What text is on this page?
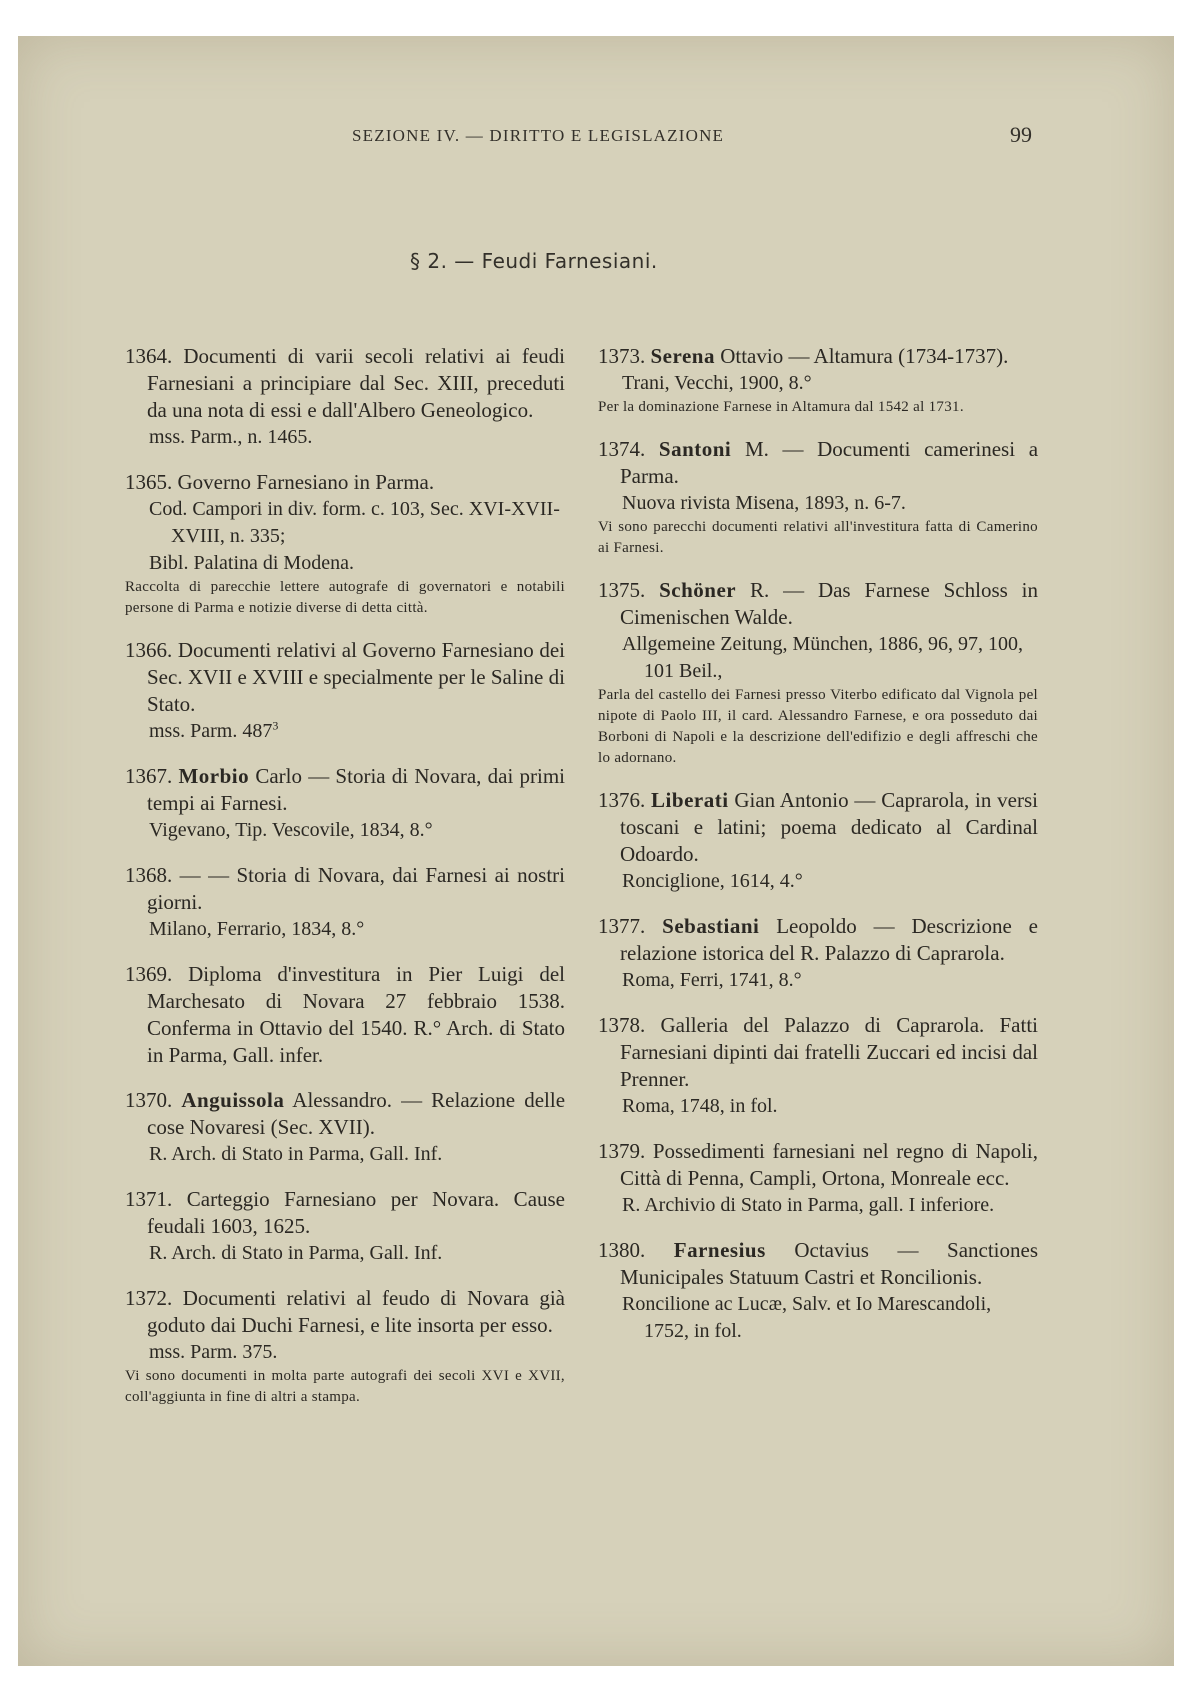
SEZIONE IV. — DIRITTO E LEGISLAZIONE	99
§ 2. — Feudi Farnesiani.

1364. Documenti di varii secoli relativi ai feudi Farnesiani a principiare dal Sec. XIII, preceduti da una nota di essi e dall'Albero Geneologico.

mss. Parm., n. 1465.

1365. Governo Farnesiano in Parma.

Cod. Campori in div. form. c. 103, Sec. XVI-XVII-XVIII, n. 335;

Bibl. Palatina di Modena.

Raccolta di parecchie lettere autografe di governatori e notabili persone di Parma e notizie diverse di detta città.

1366. Documenti relativi al Governo Farnesiano dei Sec. XVII e XVIII e specialmente per le Saline di Stato.

mss. Parm. $487^3$

1367. Morbio Carlo — Storia di Novara, dai primi tempi ai Farnesi.

Vigevano, Tip. Vescovile, 1834, 8.°

1368. — — Storia di Novara, dai Farnesi ai nostri giorni.

Milano, Ferrario, 1834, 8.°

1369. Diploma d'investitura in Pier Luigi del Marchesato di Novara 27 febbraio 1538. Conferma in Ottavio del 1540. R.° Arch. di Stato in Parma, Gall. infer.

1370. Anguissola Alessandro. — Relazione delle cose Novaresi (Sec. XVII).

R. Arch. di Stato in Parma, Gall. Inf.

1371. Carteggio Farnesiano per Novara. Cause feudali 1603, 1625.

R. Arch. di Stato in Parma, Gall. Inf.

1372. Documenti relativi al feudo di Novara già goduto dai Duchi Farnesi, e lite insorta per esso.

mss. Parm. 375.

Vi sono documenti in molta parte autografi dei secoli XVI e XVII, coll'aggiunta in fine di altri a stampa.

1373. Serena Ottavio — Altamura (1734-1737).

Trani, Vecchi, 1900, 8.°

Per la dominazione Farnese in Altamura dal 1542 al 1731.

1374. Santoni M. — Documenti camerinesi a Parma.

Nuova rivista Misena, 1893, n. 6-7.

Vi sono parecchi documenti relativi all'investitura fatta di Camerino ai Farnesi.

1375. Schöner R. — Das Farnese Schloss in Cimenischen Walde.

Allgemeine Zeitung, München, 1886, 96, 97, 100, 101 Beil.,

Parla del castello dei Farnesi presso Viterbo edificato dal Vignola pel nipote di Paolo III, il card. Alessandro Farnese, e ora posseduto dai Borboni di Napoli e la descrizione dell'edifizio e degli affreschi che lo adornano.

1376. Liberati Gian Antonio — Caprarola, in versi toscani e latini; poema dedicato al Cardinal Odoardo.

Ronciglione, 1614, 4.°

1377. Sebastiani Leopoldo — Descrizione e relazione istorica del R. Palazzo di Caprarola.

Roma, Ferri, 1741, 8.°

1378. Galleria del Palazzo di Caprarola. Fatti Farnesiani dipinti dai fratelli Zuccari ed incisi dal Prenner.

Roma, 1748, in fol.

1379. Possedimenti farnesiani nel regno di Napoli, Città di Penna, Campli, Ortona, Monreale ecc.

R. Archivio di Stato in Parma, gall. I inferiore.

1380. Farnesius Octavius — Sanctiones Municipales Statuum Castri et Roncilionis.

Roncilione ac Lucæ, Salv. et Io Marescandoli, 1752, in fol.
